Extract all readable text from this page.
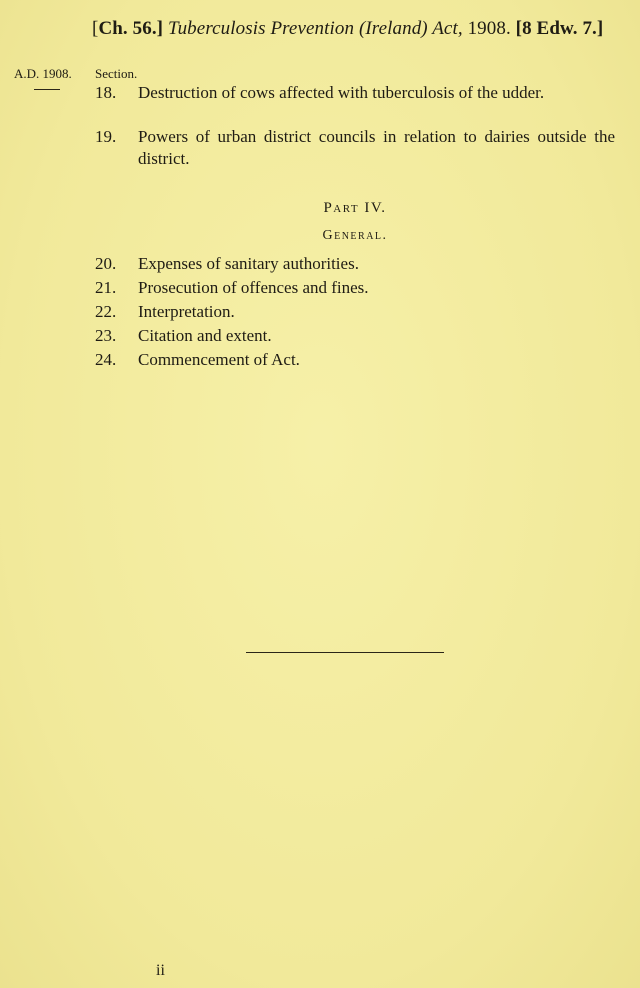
[Ch. 56.] Tuberculosis Prevention (Ireland) Act, 1908. [8 Edw. 7.]
A.D. 1908. Section.
18.	Destruction of cows affected with tuberculosis of the udder.
19.	Powers of urban district councils in relation to dairies outside the district.
Part IV.
General.
20.	Expenses of sanitary authorities.
21.	Prosecution of offences and fines.
22.	Interpretation.
23.	Citation and extent.
24.	Commencement of Act.
ii
